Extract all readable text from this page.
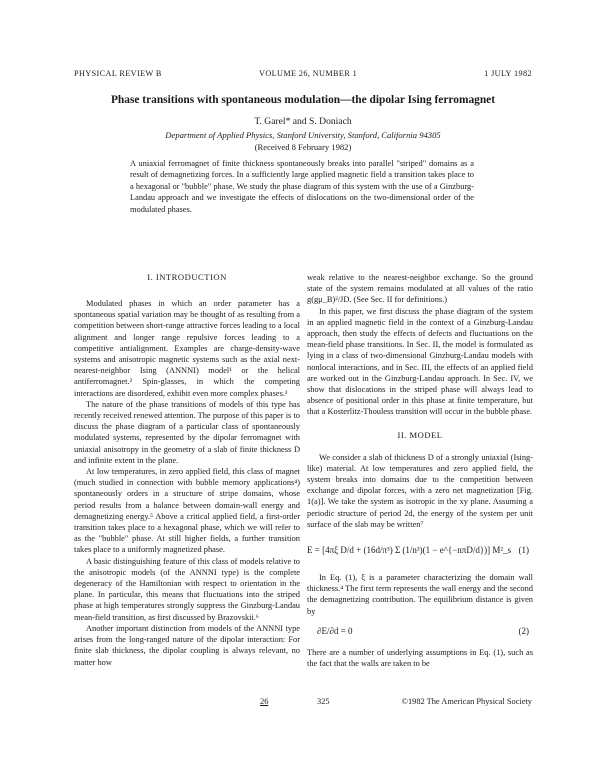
PHYSICAL REVIEW B	VOLUME 26, NUMBER 1	1 JULY 1982
Phase transitions with spontaneous modulation—the dipolar Ising ferromagnet
T. Garel* and S. Doniach
Department of Applied Physics, Stanford University, Stanford, California 94305
(Received 8 February 1982)
A uniaxial ferromagnet of finite thickness spontaneously breaks into parallel "striped" domains as a result of demagnetizing forces. In a sufficiently large applied magnetic field a transition takes place to a hexagonal or "bubble" phase. We study the phase diagram of this system with the use of a Ginzburg-Landau approach and we investigate the effects of dislocations on the two-dimensional order of the modulated phases.

I. INTRODUCTION

Modulated phases in which an order parameter has a spontaneous spatial variation may be thought of as resulting from a competition between short-range attractive forces leading to a local alignment and longer range repulsive forces leading to a competitive antialignment. Examples are charge-density-wave systems and anisotropic magnetic systems such as the axial next-nearest-neighbor Ising (ANNNI) model¹ or the helical antiferromagnet.² Spin-glasses, in which the competing interactions are disordered, exhibit even more complex phases.³

The nature of the phase transitions of models of this type has recently received renewed attention. The purpose of this paper is to discuss the phase diagram of a particular class of spontaneously modulated systems, represented by the dipolar ferromagnet with uniaxial anisotropy in the geometry of a slab of finite thickness D and infinite extent in the plane.

At low temperatures, in zero applied field, this class of magnet (much studied in connection with bubble memory applications⁴) spontaneously orders in a structure of stripe domains, whose period results from a balance between domain-wall energy and demagnetizing energy.⁵ Above a critical applied field, a first-order transition takes place to a hexagonal phase, which we will refer to as the "bubble" phase. At still higher fields, a further transition takes place to a uniformly magnetized phase.

A basic distinguishing feature of this class of models relative to the anisotropic models (of the ANNNI type) is the complete degeneracy of the Hamiltonian with respect to orientation in the plane. In particular, this means that fluctuations into the striped phase at high temperatures strongly suppress the Ginzburg-Landau mean-field transition, as first discussed by Brazovskii.⁶

Another important distinction from models of the ANNNI type arises from the long-ranged nature of the dipolar interaction: For finite slab thickness, the dipolar coupling is always relevant, no matter how

weak relative to the nearest-neighbor exchange. So the ground state of the system remains modulated at all values of the ratio g(gμ_B)²/JD. (See Sec. II for definitions.)

In this paper, we first discuss the phase diagram of the system in an applied magnetic field in the context of a Ginzburg-Landau approach, then study the effects of defects and fluctuations on the mean-field phase transitions. In Sec. II, the model is formulated as lying in a class of two-dimensional Ginzburg-Landau models with nonlocal interactions, and in Sec. III, the effects of an applied field are worked out in the Ginzburg-Landau approach. In Sec. IV, we show that dislocations in the striped phase will always lead to absence of positional order in this phase at finite temperature, but that a Kosterlitz-Thouless transition will occur in the bubble phase.

II. MODEL

We consider a slab of thickness D of a strongly uniaxial (Ising-like) material. At low temperatures and zero applied field, the system breaks into domains due to the competition between exchange and dipolar forces, with a zero net magnetization [Fig. 1(a)]. We take the system as isotropic in the xy plane. Assuming a periodic structure of period 2d, the energy of the system per unit surface of the slab may be written⁷

E = [4πξ D/d + (16d/π³) Σ (1/n³)(1 − e^{−nπD/d})] M²_s (1)

In Eq. (1), ξ is a parameter characterizing the domain wall thickness.⁴ The first term represents the wall energy and the second the demagnetizing contribution. The equilibrium distance is given by

∂E/∂d = 0	(2)

There are a number of underlying assumptions in Eq. (1), such as the fact that the walls are taken to be

26	325	©1982 The American Physical Society
